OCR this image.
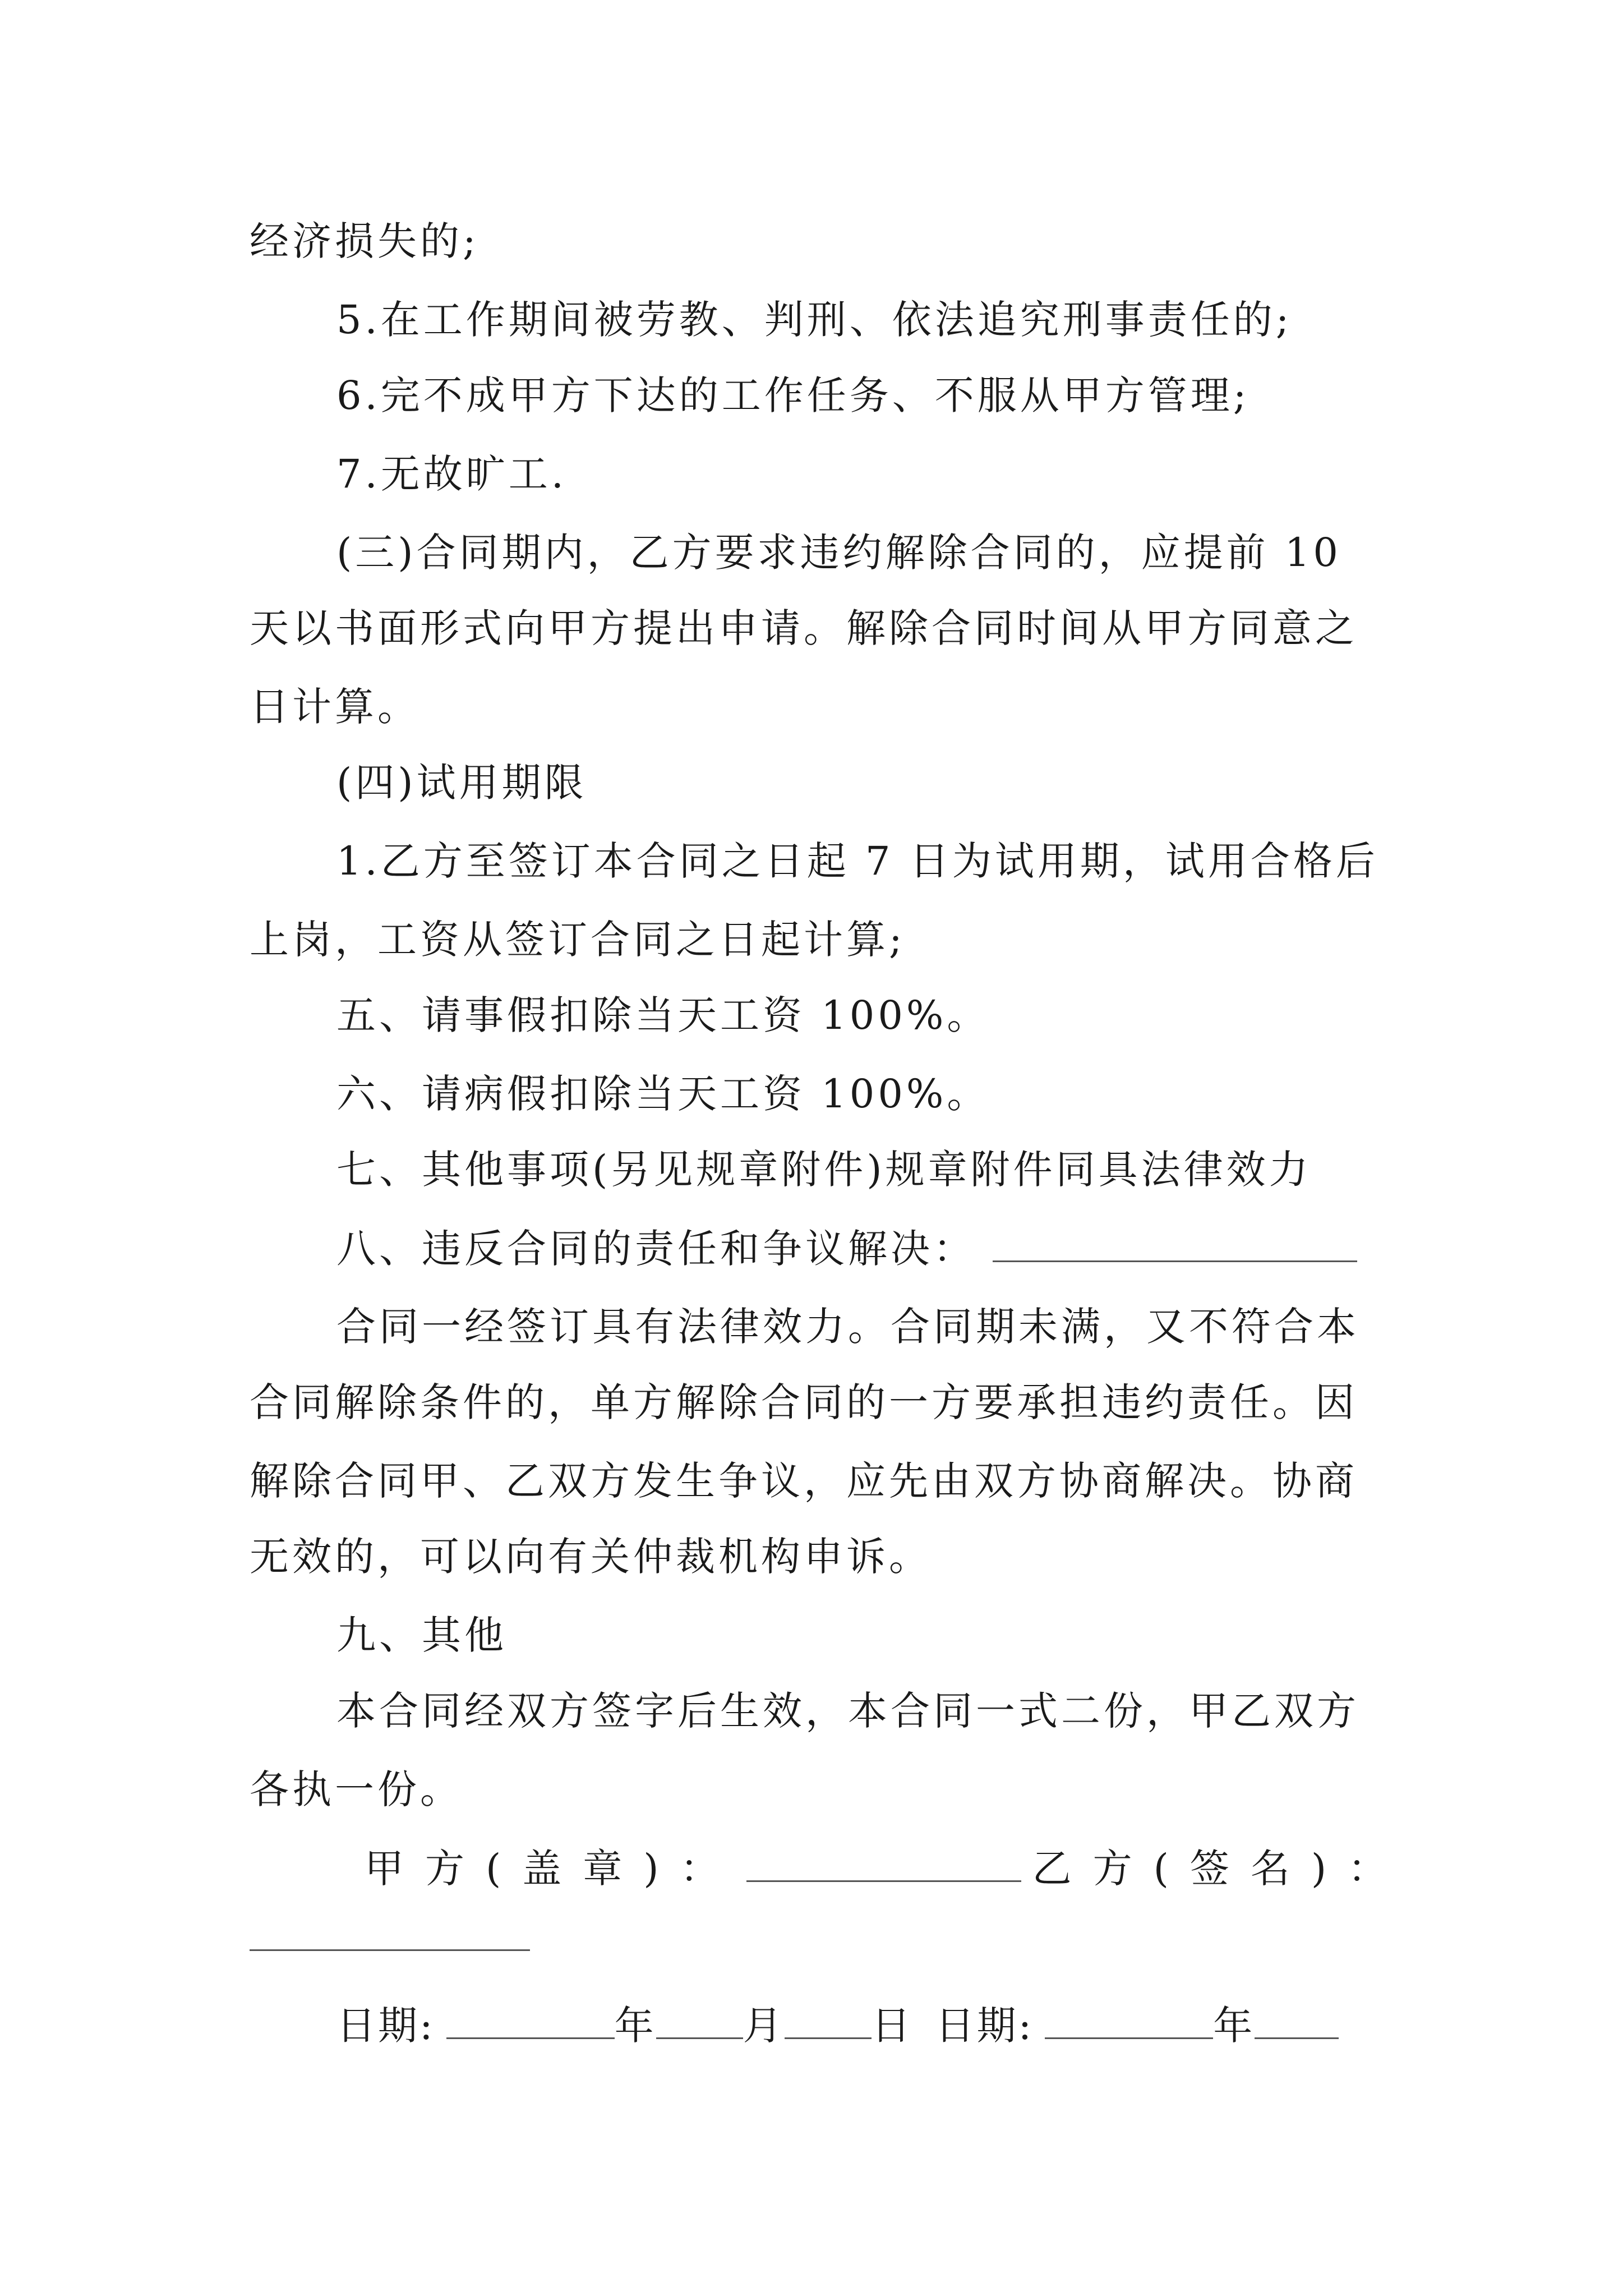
经济损失的;
5.在工作期间被劳教、判刑、依法追究刑事责任的;
6.完不成甲方下达的工作任务、不服从甲方管理;
7.无故旷工.
(三)合同期内，乙方要求违约解除合同的，应提前 10
天以书面形式向甲方提出申请。解除合同时间从甲方同意之
日计算。
(四)试用期限
1.乙方至签订本合同之日起 7 日为试用期，试用合格后
上岗，工资从签订合同之日起计算;
五、请事假扣除当天工资 100%。
六、请病假扣除当天工资 100%。
七、其他事项(另见规章附件)规章附件同具法律效力
八、违反合同的责任和争议解决：
合同一经签订具有法律效力。合同期未满，又不符合本
合同解除条件的，单方解除合同的一方要承担违约责任。因
解除合同甲、乙双方发生争议，应先由双方协商解决。协商
无效的，可以向有关仲裁机构申诉。
九、其他
本合同经双方签字后生效，本合同一式二份，甲乙双方
各执一份。
甲方(盖章)：	乙方(签名)：
日期:	年 月 日 日期:	年
